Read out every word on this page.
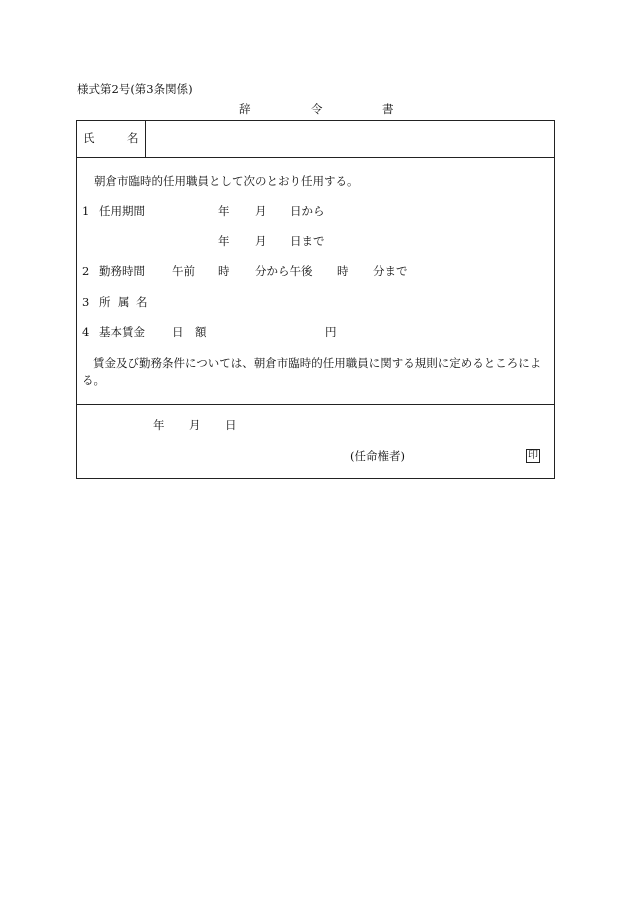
様式第2号(第3条関係)
辞	令	書
氏	名
朝倉市臨時的任用職員として次のとおり任用する。
1 任用期間	年 月 日から
年 月 日まで
2 勤務時間 午前 時 分から午後 時 分まで
3 所 属 名
4 基本賃金 日 額	円
賃金及び勤務条件については、朝倉市臨時的任用職員に関する規則に定めるところによる。
年 月 日
(任命権者)	印
